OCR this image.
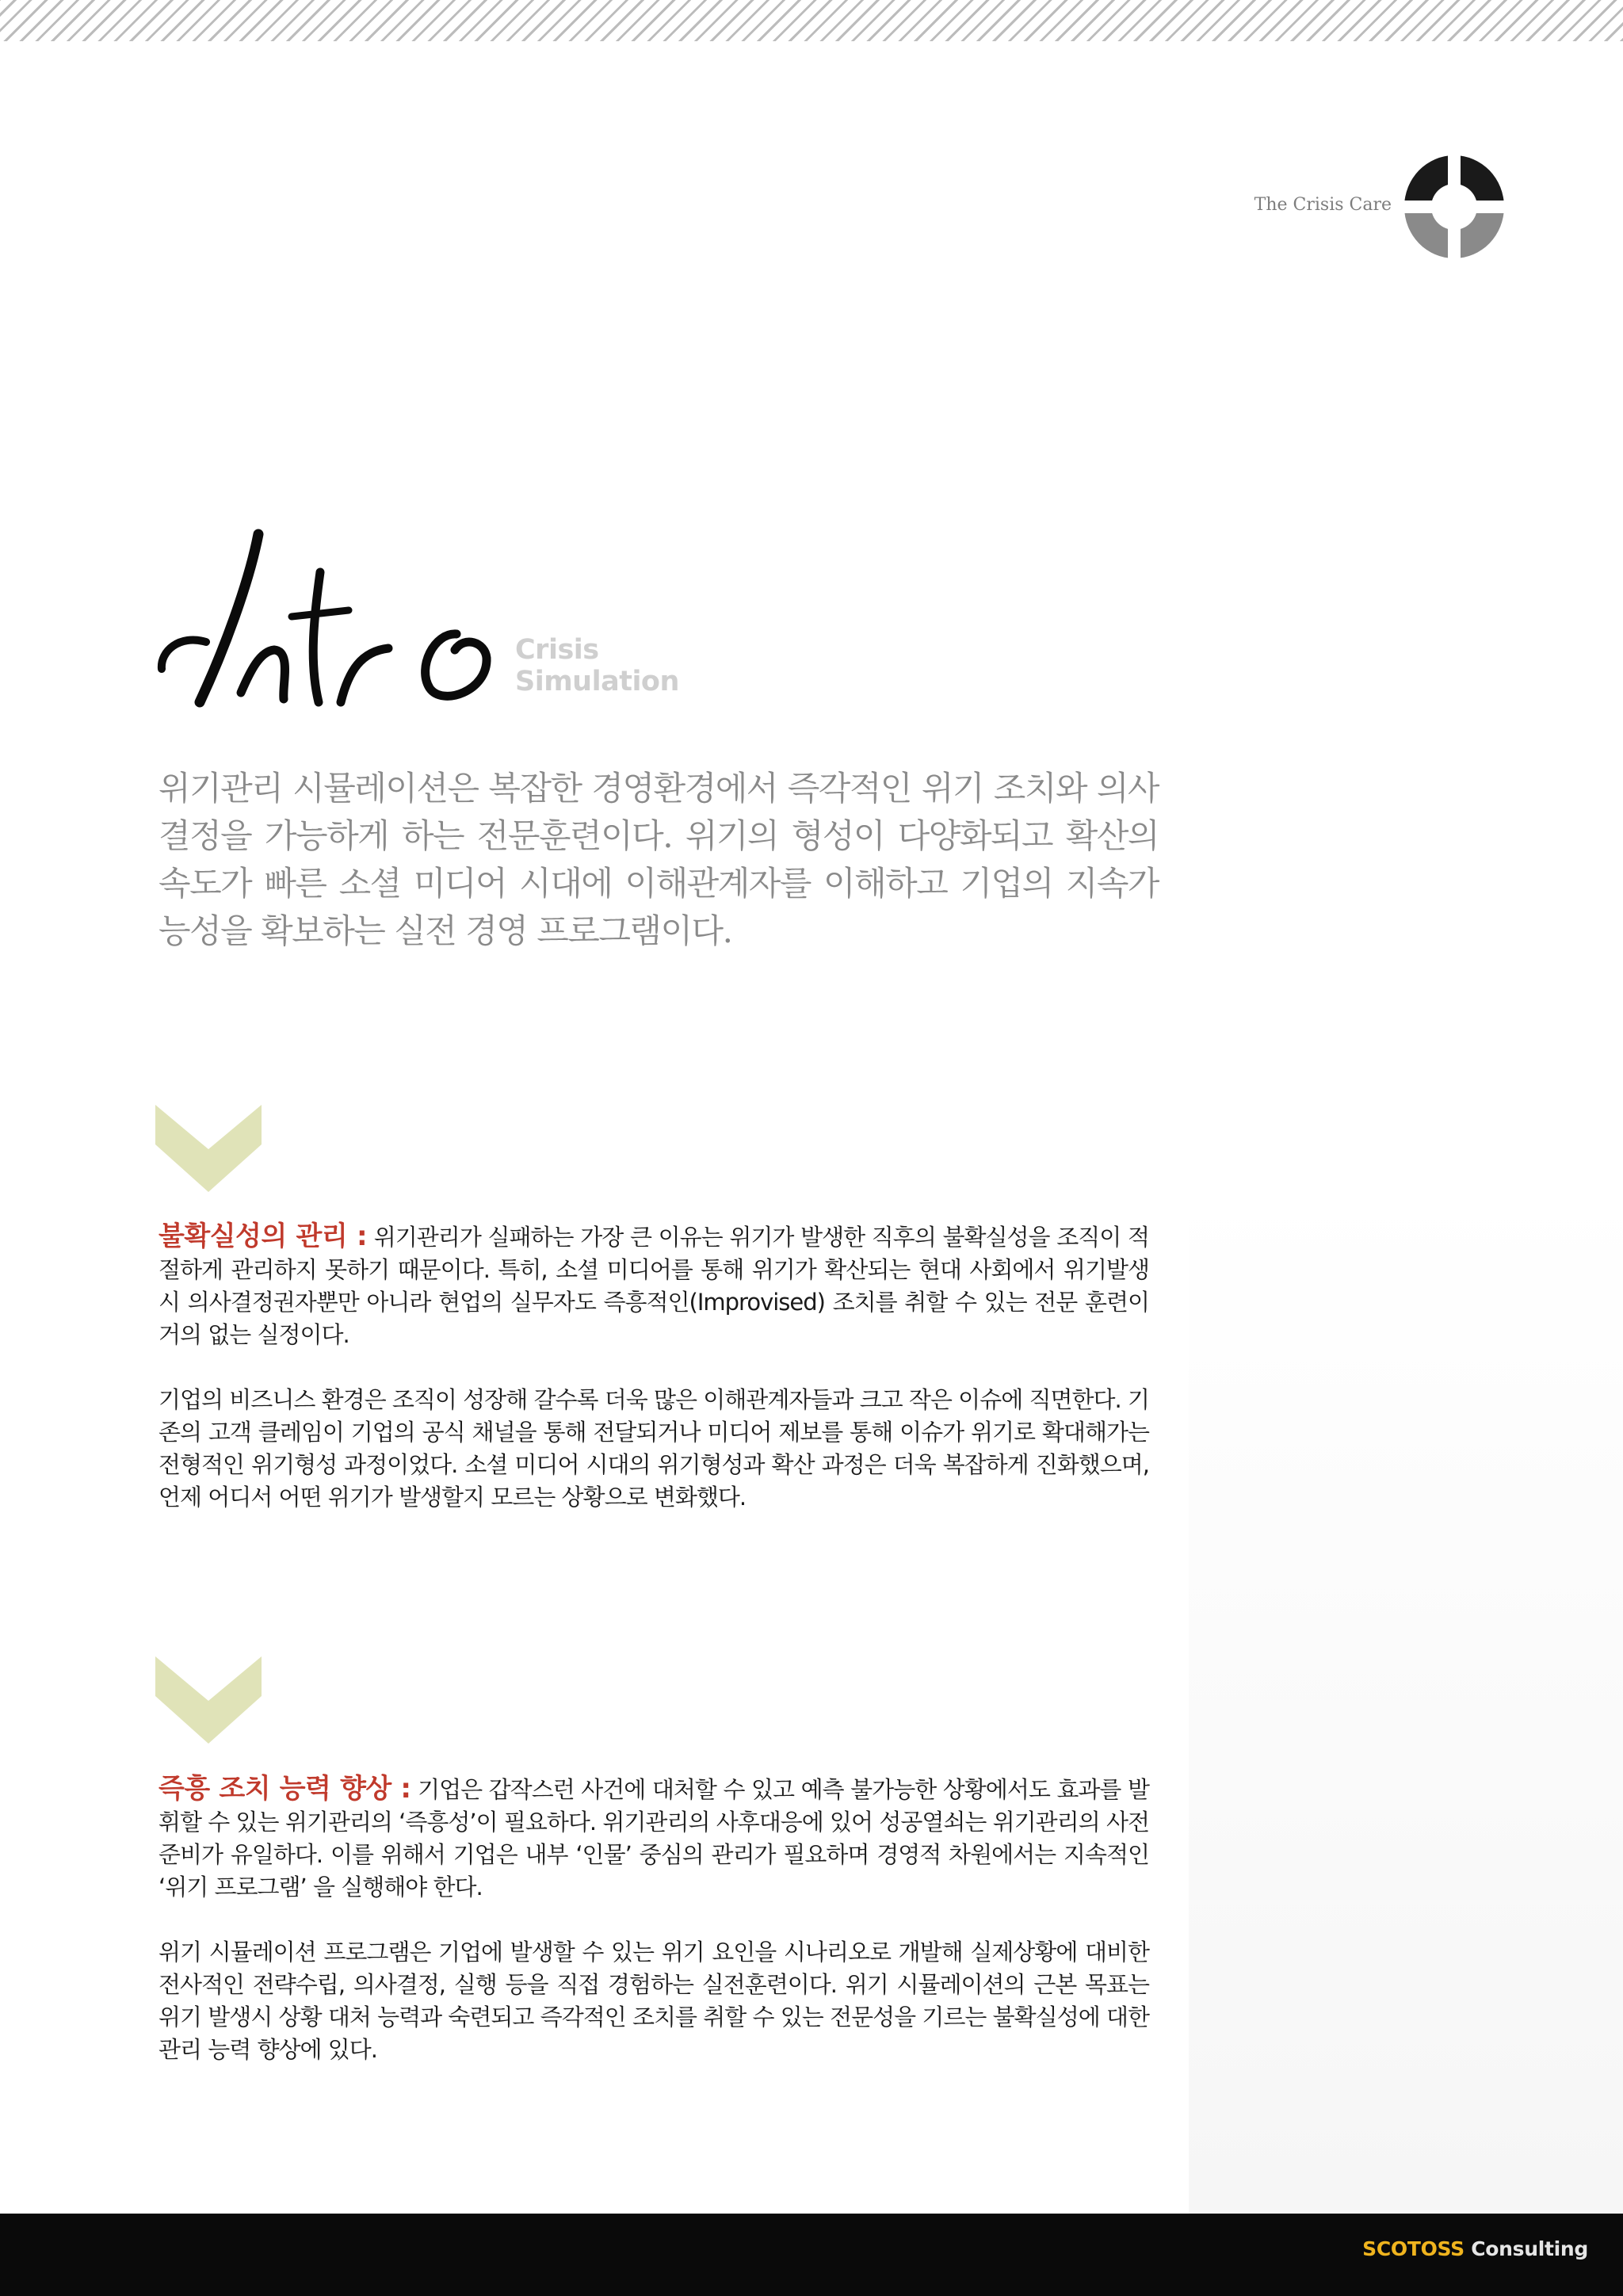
The Crisis Care
Crisis
Simulation
위기관리 시뮬레이션은 복잡한 경영환경에서 즉각적인 위기 조치와 의사결정을 가능하게 하는 전문훈련이다. 위기의 형성이 다양화되고 확산의 속도가 빠른 소셜 미디어 시대에 이해관계자를 이해하고 기업의 지속가능성을 확보하는 실전 경영 프로그램이다.

불확실성의 관리 : 위기관리가 실패하는 가장 큰 이유는 위기가 발생한 직후의 불확실성을 조직이 적절하게 관리하지 못하기 때문이다. 특히, 소셜 미디어를 통해 위기가 확산되는 현대 사회에서 위기발생 시 의사결정권자뿐만 아니라 현업의 실무자도 즉흥적인(Improvised) 조치를 취할 수 있는 전문 훈련이 거의 없는 실정이다.

기업의 비즈니스 환경은 조직이 성장해 갈수록 더욱 많은 이해관계자들과 크고 작은 이슈에 직면한다. 기존의 고객 클레임이 기업의 공식 채널을 통해 전달되거나 미디어 제보를 통해 이슈가 위기로 확대해가는 전형적인 위기형성 과정이었다. 소셜 미디어 시대의 위기형성과 확산 과정은 더욱 복잡하게 진화했으며, 언제 어디서 어떤 위기가 발생할지 모르는 상황으로 변화했다.

즉흥 조치 능력 향상 : 기업은 갑작스런 사건에 대처할 수 있고 예측 불가능한 상황에서도 효과를 발휘할 수 있는 위기관리의 ‘즉흥성’이 필요하다. 위기관리의 사후대응에 있어 성공열쇠는 위기관리의 사전준비가 유일하다. 이를 위해서 기업은 내부 ‘인물’ 중심의 관리가 필요하며 경영적 차원에서는 지속적인 ‘위기 프로그램’ 을 실행해야 한다.

위기 시뮬레이션 프로그램은 기업에 발생할 수 있는 위기 요인을 시나리오로 개발해 실제상황에 대비한 전사적인 전략수립, 의사결정, 실행 등을 직접 경험하는 실전훈련이다. 위기 시뮬레이션의 근본 목표는 위기 발생시 상황 대처 능력과 숙련되고 즉각적인 조치를 취할 수 있는 전문성을 기르는 불확실성에 대한 관리 능력 향상에 있다.

SCOTOSS Consulting
